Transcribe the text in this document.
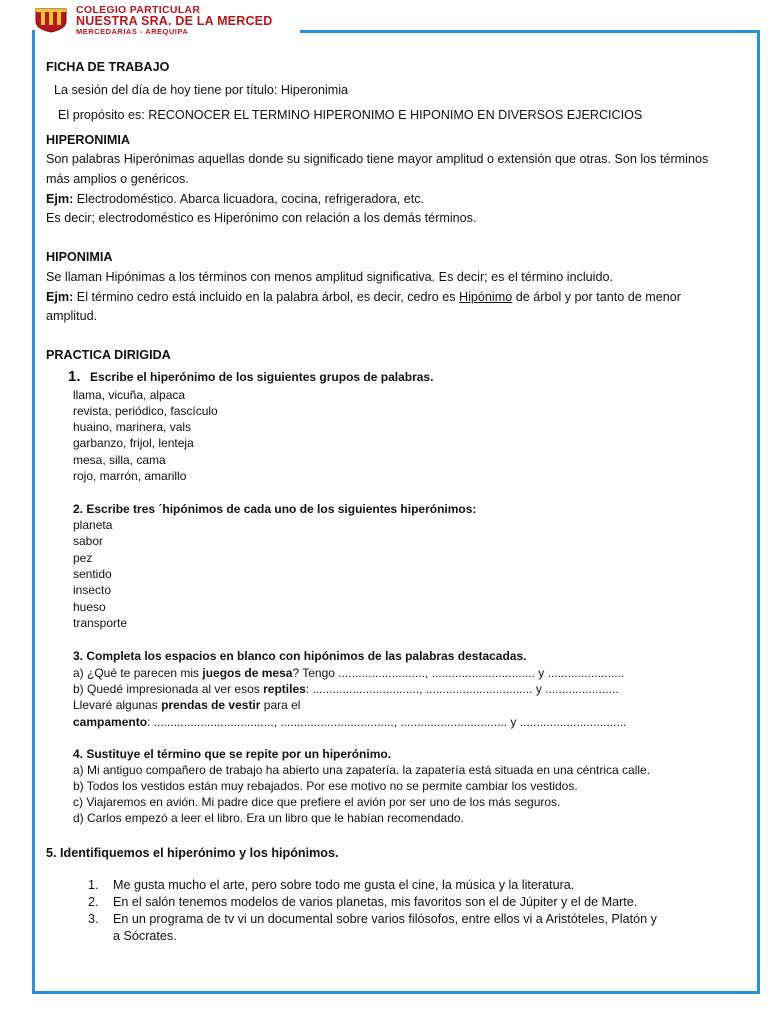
COLEGIO PARTICULAR
NUESTRA SRA. DE LA MERCED
MERCEDARIAS - AREQUIPA
FICHA DE TRABAJO
La sesión del día de hoy tiene por título: Hiperonimia
El propósito es: RECONOCER EL TERMINO HIPERONIMO E HIPONIMO EN DIVERSOS EJERCICIOS
HIPERONIMIA
Son palabras Hiperónimas aquellas donde su significado tiene mayor amplitud o extensión que otras. Son los términos
más amplios o genéricos.
Ejm: Electrodoméstico. Abarca licuadora, cocina, refrigeradora, etc.
Es decir; electrodoméstico es Hiperónimo con relación a los demás términos.
HIPONIMIA
Se llaman Hipónimas a los términos con menos amplitud significativa. Es decir; es el término incluido.
Ejm: El término cedro está incluido en la palabra árbol, es decir, cedro es Hipónimo de árbol y por tanto de menor
amplitud.
PRACTICA DIRIGIDA
1. Escribe el hiperónimo de los siguientes grupos de palabras.
llama, vicuña, alpaca
revista, periódico, fascículo
huaino, marinera, vals
garbanzo, frijol, lenteja
mesa, silla, cama
rojo, marrón, amarillo
2. Escribe tres ´hipónimos de cada uno de los siguientes hiperónimos:
planeta
sabor
pez
sentido
insecto
hueso
transporte
3. Completa los espacios en blanco con hipónimos de las palabras destacadas.
a) ¿Qué te parecen mis juegos de mesa? Tengo .........................., ............................... y .......................
b) Quedé impresionada al ver esos reptiles: ................................, ................................ y ......................
Llevaré algunas prendas de vestir para el
campamento: ...................................., .................................., ................................ y ................................
4. Sustituye el término que se repite por un hiperónimo.
a) Mi antiguo compañero de trabajo ha abierto una zapatería. la zapatería está situada en una céntrica calle.
b) Todos los vestidos están muy rebajados. Por ese motivo no se permite cambiar los vestidos.
c) Viajaremos en avión. Mi padre dice que prefiere el avión por ser uno de los más seguros.
d) Carlos empezó a leer el libro. Era un libro que le habían recomendado.
5. Identifiquemos el hiperónimo y los hipónimos.
1. Me gusta mucho el arte, pero sobre todo me gusta el cine, la música y la literatura.
2. En el salón tenemos modelos de varios planetas, mis favoritos son el de Júpiter y el de Marte.
3. En un programa de tv vi un documental sobre varios filósofos, entre ellos vi a Aristóteles, Platón y
a Sócrates.
